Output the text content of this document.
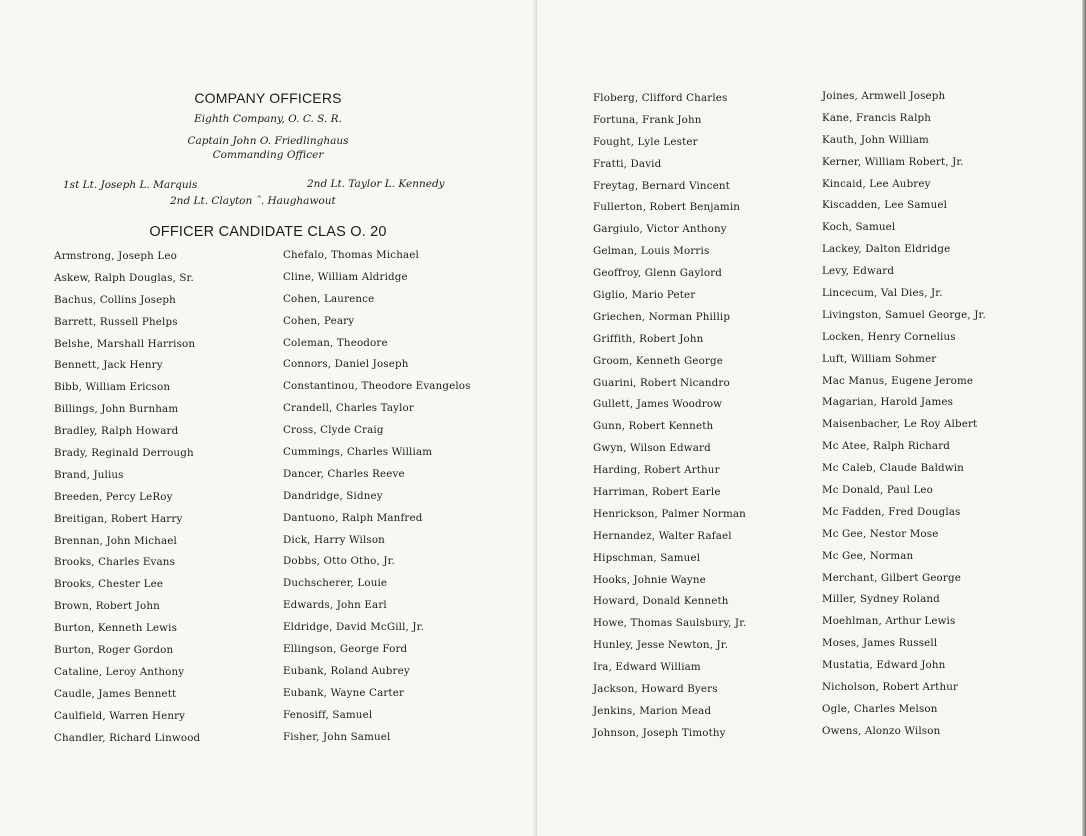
COMPANY OFFICERS
Eighth Company, O. C. S. R.
Captain John O. Friedlinghaus
Commanding Officer
1st Lt. Joseph L. Marquis	2nd Lt. Taylor L. Kennedy
2nd Lt. Clayton ˆ. Haughawout
OFFICER CANDIDATE CLAS O. 20
Armstrong, Joseph Leo
Askew, Ralph Douglas, Sr.
Bachus, Collins Joseph
Barrett, Russell Phelps
Belshe, Marshall Harrison
Bennett, Jack Henry
Bibb, William Ericson
Billings, John Burnham
Bradley, Ralph Howard
Brady, Reginald Derrough
Brand, Julius
Breeden, Percy LeRoy
Breitigan, Robert Harry
Brennan, John Michael
Brooks, Charles Evans
Brooks, Chester Lee
Brown, Robert John
Burton, Kenneth Lewis
Burton, Roger Gordon
Cataline, Leroy Anthony
Caudle, James Bennett
Caulfield, Warren Henry
Chandler, Richard Linwood
Chefalo, Thomas Michael
Cline, William Aldridge
Cohen, Laurence
Cohen, Peary
Coleman, Theodore
Connors, Daniel Joseph
Constantinou, Theodore Evangelos
Crandell, Charles Taylor
Cross, Clyde Craig
Cummings, Charles William
Dancer, Charles Reeve
Dandridge, Sidney
Dantuono, Ralph Manfred
Dick, Harry Wilson
Dobbs, Otto Otho, Jr.
Duchscherer, Louie
Edwards, John Earl
Eldridge, David McGill, Jr.
Ellingson, George Ford
Eubank, Roland Aubrey
Eubank, Wayne Carter
Fenosiff, Samuel
Fisher, John Samuel
Floberg, Clifford Charles
Fortuna, Frank John
Fought, Lyle Lester
Fratti, David
Freytag, Bernard Vincent
Fullerton, Robert Benjamin
Gargiulo, Victor Anthony
Gelman, Louis Morris
Geoffroy, Glenn Gaylord
Giglio, Mario Peter
Griechen, Norman Phillip
Griffith, Robert John
Groom, Kenneth George
Guarini, Robert Nicandro
Gullett, James Woodrow
Gunn, Robert Kenneth
Gwyn, Wilson Edward
Harding, Robert Arthur
Harriman, Robert Earle
Henrickson, Palmer Norman
Hernandez, Walter Rafael
Hipschman, Samuel
Hooks, Johnie Wayne
Howard, Donald Kenneth
Howe, Thomas Saulsbury, Jr.
Hunley, Jesse Newton, Jr.
Ira, Edward William
Jackson, Howard Byers
Jenkins, Marion Mead
Johnson, Joseph Timothy
Joines, Armwell Joseph
Kane, Francis Ralph
Kauth, John William
Kerner, William Robert, Jr.
Kincaid, Lee Aubrey
Kiscadden, Lee Samuel
Koch, Samuel
Lackey, Dalton Eldridge
Levy, Edward
Lincecum, Val Dies, Jr.
Livingston, Samuel George, Jr.
Locken, Henry Cornelius
Luft, William Sohmer
Mac Manus, Eugene Jerome
Magarian, Harold James
Maisenbacher, Le Roy Albert
Mc Atee, Ralph Richard
Mc Caleb, Claude Baldwin
Mc Donald, Paul Leo
Mc Fadden, Fred Douglas
Mc Gee, Nestor Mose
Mc Gee, Norman
Merchant, Gilbert George
Miller, Sydney Roland
Moehlman, Arthur Lewis
Moses, James Russell
Mustatia, Edward John
Nicholson, Robert Arthur
Ogle, Charles Melson
Owens, Alonzo Wilson
